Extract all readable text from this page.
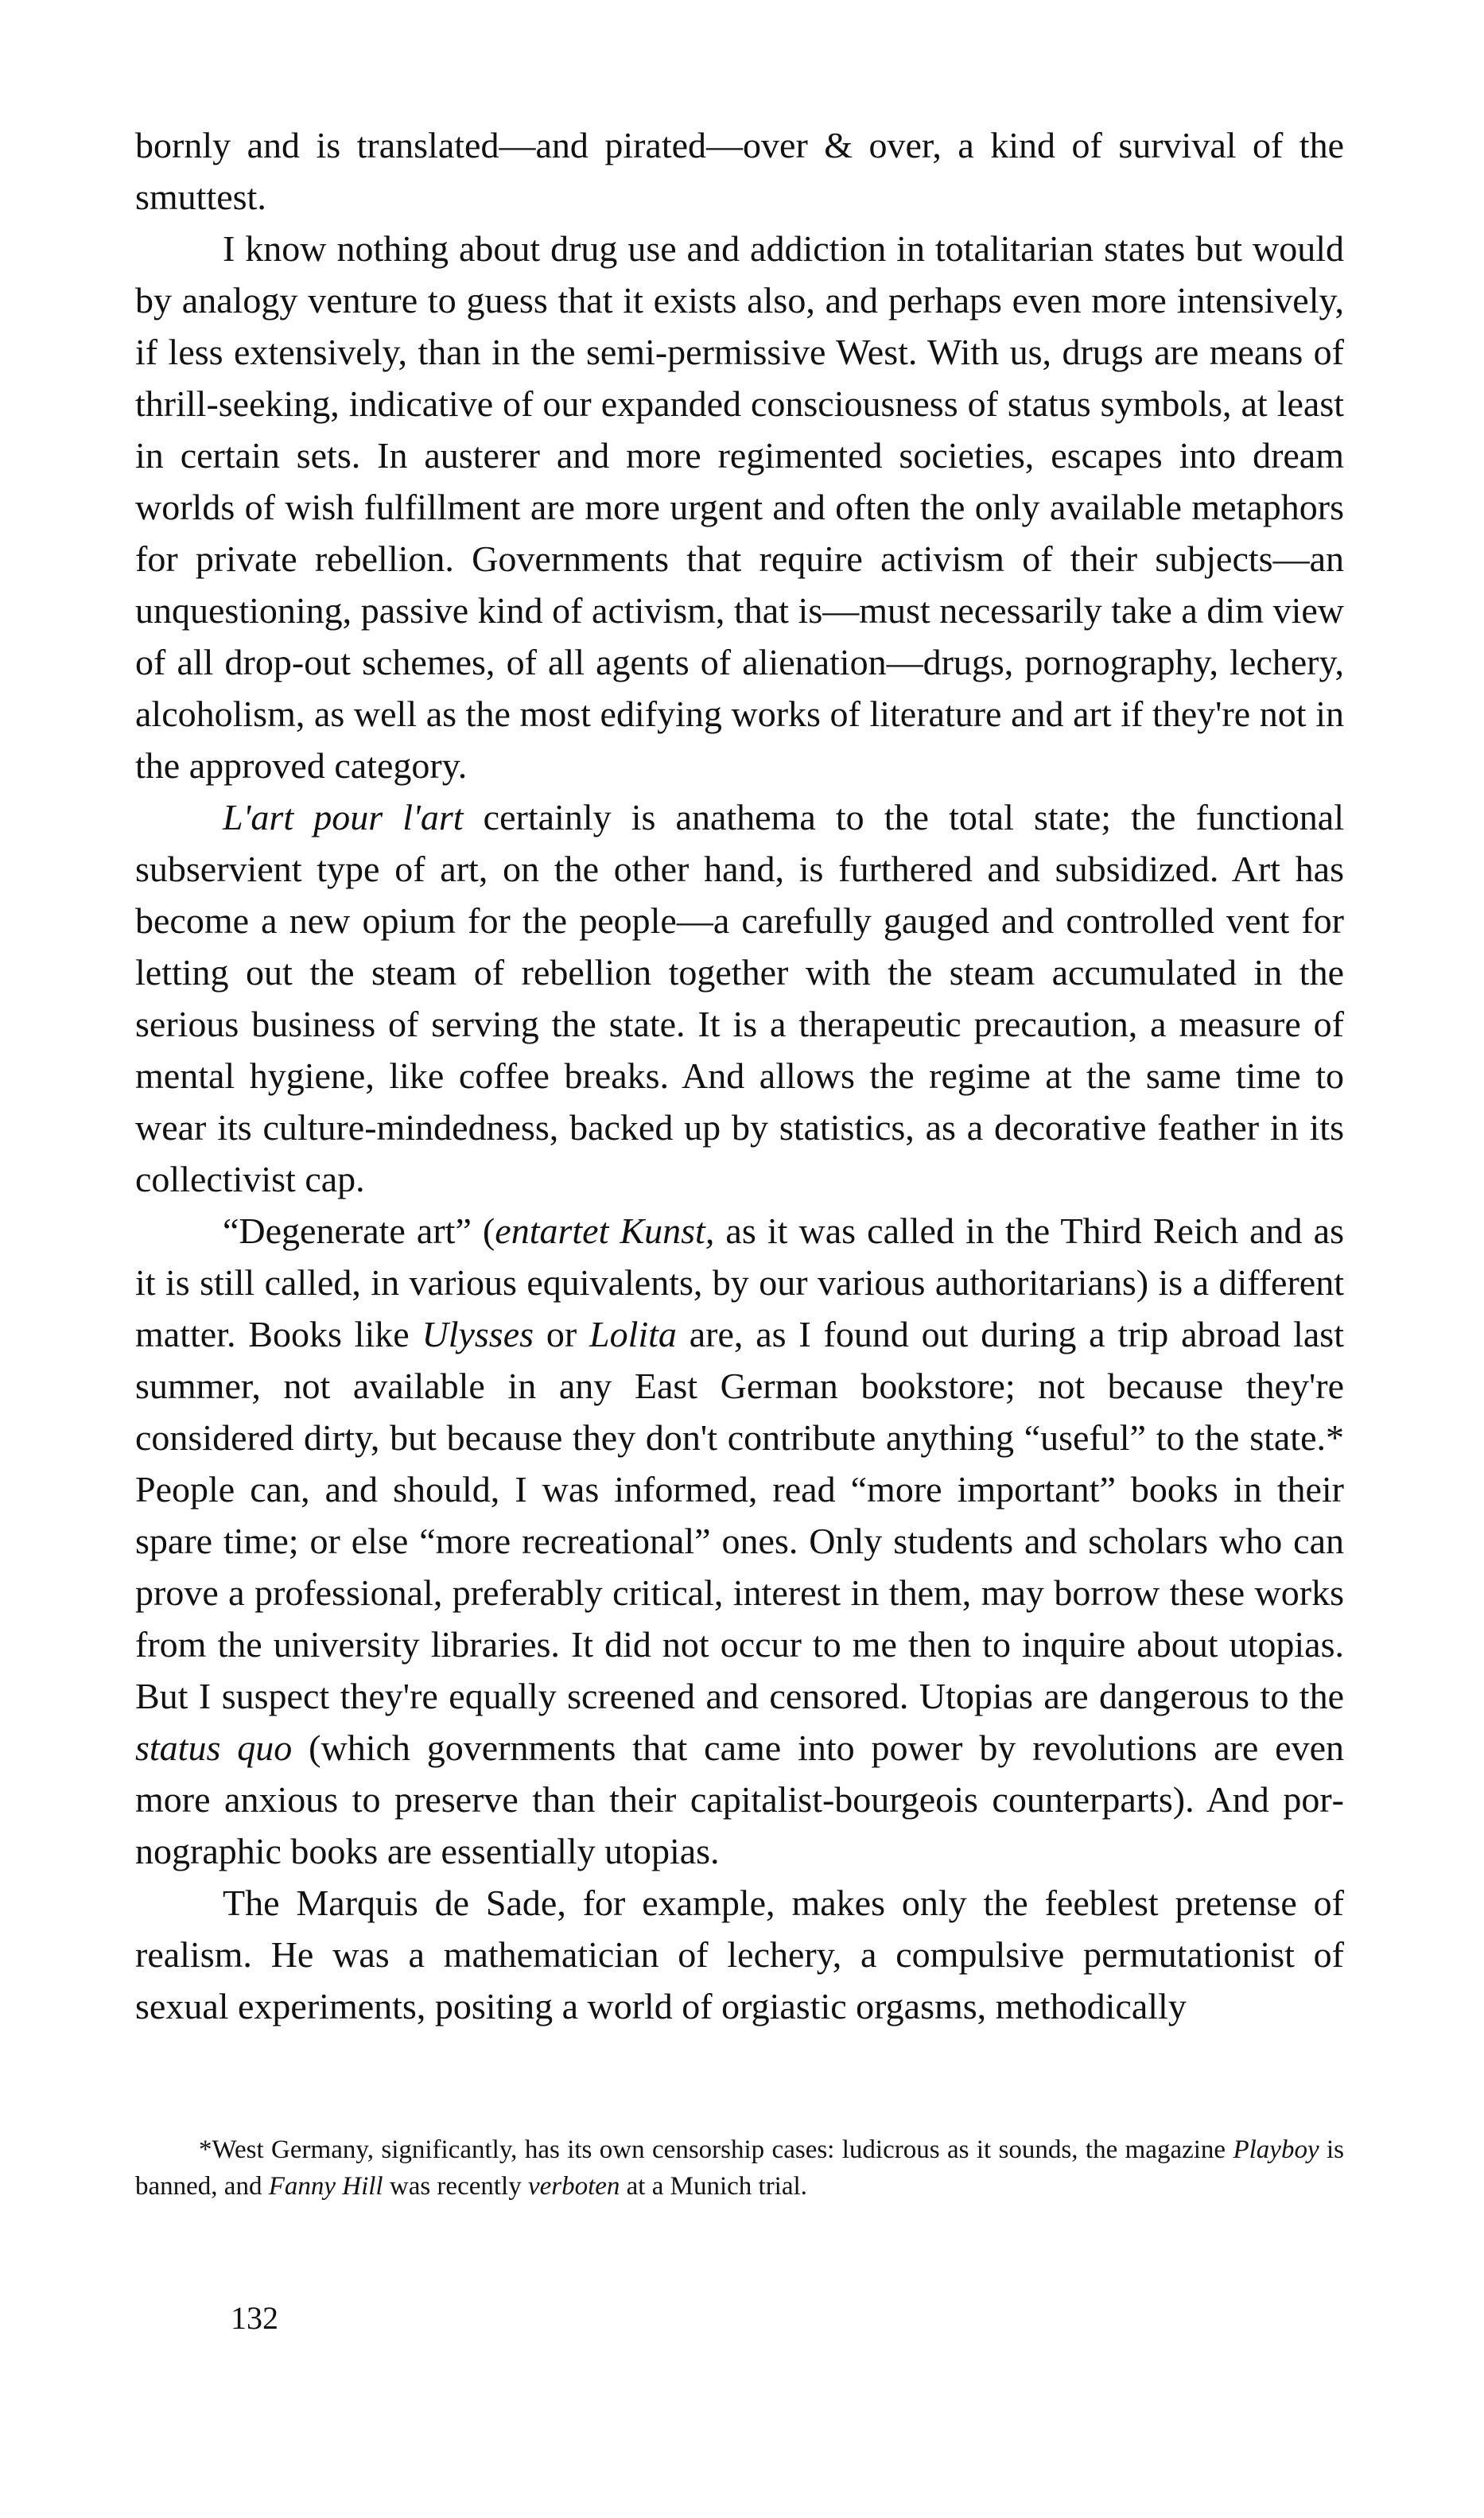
bornly and is translated—and pirated—over & over, a kind of survival of the smuttest.

I know nothing about drug use and addiction in totalitarian states but would by analogy venture to guess that it exists also, and perhaps even more intensively, if less extensively, than in the semi-permissive West. With us, drugs are means of thrill-seeking, indicative of our expanded consciousness of status symbols, at least in certain sets. In austerer and more regimented societies, escapes into dream worlds of wish fulfillment are more urgent and often the only available metaphors for private rebellion. Governments that require activism of their subjects—an unquestioning, passive kind of activism, that is—must necessarily take a dim view of all drop-out schemes, of all agents of alienation—drugs, pornography, lechery, alcoholism, as well as the most edifying works of literature and art if they're not in the approved category.

L'art pour l'art certainly is anathema to the total state; the functional subservient type of art, on the other hand, is furthered and subsidized. Art has become a new opium for the people—a carefully gauged and controlled vent for letting out the steam of rebellion together with the steam accumulated in the serious business of serving the state. It is a therapeutic precaution, a measure of mental hygiene, like coffee breaks. And allows the regime at the same time to wear its culture-mindedness, backed up by statistics, as a decorative feather in its collectivist cap.

“Degenerate art” (entartet Kunst, as it was called in the Third Reich and as it is still called, in various equivalents, by our various authoritarians) is a different matter. Books like Ulysses or Lolita are, as I found out during a trip abroad last summer, not available in any East German bookstore; not because they're considered dirty, but because they don't contribute anything “useful” to the state.* People can, and should, I was informed, read “more important” books in their spare time; or else “more recreational” ones. Only students and scholars who can prove a professional, preferably critical, interest in them, may borrow these works from the university libraries. It did not occur to me then to inquire about utopias. But I suspect they're equally screened and censored. Utopias are dangerous to the status quo (which governments that came into power by revolutions are even more anxious to preserve than their capitalist-bourgeois counterparts). And pornographic books are essentially utopias.

The Marquis de Sade, for example, makes only the feeblest pretense of realism. He was a mathematician of lechery, a compulsive permutationist of sexual experiments, positing a world of orgiastic orgasms, methodically

*West Germany, significantly, has its own censorship cases: ludicrous as it sounds, the magazine Playboy is banned, and Fanny Hill was recently verboten at a Munich trial.

132
